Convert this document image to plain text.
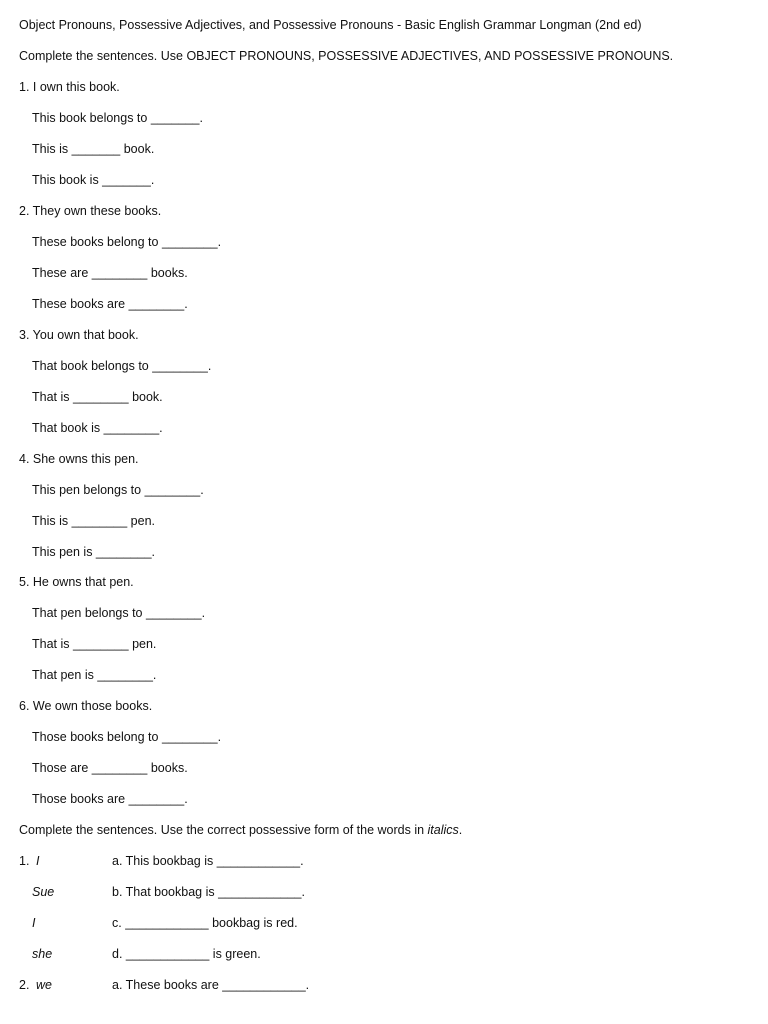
Object Pronouns, Possessive Adjectives, and Possessive Pronouns - Basic English Grammar Longman (2nd ed)
Complete the sentences. Use OBJECT PRONOUNS, POSSESSIVE ADJECTIVES, AND POSSESSIVE PRONOUNS.
1. I own this book.
This book belongs to _______.
This is _______ book.
This book is _______.
2. They own these books.
These books belong to ________.
These are ________ books.
These books are ________.
3. You own that book.
That book belongs to ________.
That is ________ book.
That book is ________.
4. She owns this pen.
This pen belongs to ________.
This is ________ pen.
This pen is ________.
5. He owns that pen.
That pen belongs to ________.
That is ________ pen.
That pen is ________.
6. We own those books.
Those books belong to ________.
Those are ________ books.
Those books are ________.
Complete the sentences. Use the correct possessive form of the words in italics.
1. I	a. This bookbag is ____________.
Sue	b. That bookbag is ____________.
I	c. ____________ bookbag is red.
she	d. ____________ is green.
2. we	a. These books are ____________.
